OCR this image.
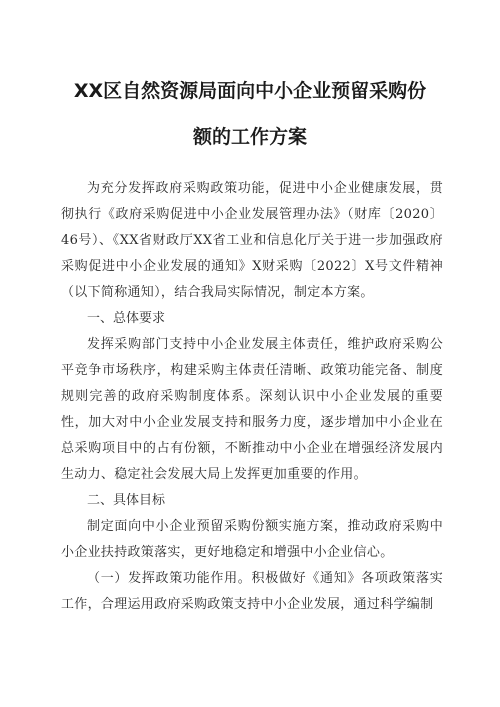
XX区自然资源局面向中小企业预留采购份
额的工作方案

为充分发挥政府采购政策功能，促进中小企业健康发展，贯彻执行《政府采购促进中小企业发展管理办法》（财库〔2020〕46号）、《XX省财政厅XX省工业和信息化厅关于进一步加强政府采购促进中小企业发展的通知》X财采购〔2022〕X号文件精神（以下简称通知），结合我局实际情况，制定本方案。

一、总体要求

发挥采购部门支持中小企业发展主体责任，维护政府采购公平竞争市场秩序，构建采购主体责任清晰、政策功能完备、制度规则完善的政府采购制度体系。深刻认识中小企业发展的重要性，加大对中小企业发展支持和服务力度，逐步增加中小企业在总采购项目中的占有份额，不断推动中小企业在增强经济发展内生动力、稳定社会发展大局上发挥更加重要的作用。

二、具体目标

制定面向中小企业预留采购份额实施方案，推动政府采购中小企业扶持政策落实，更好地稳定和增强中小企业信心。

（一）发挥政策功能作用。积极做好《通知》各项政策落实工作，合理运用政府采购政策支持中小企业发展，通过科学编制
